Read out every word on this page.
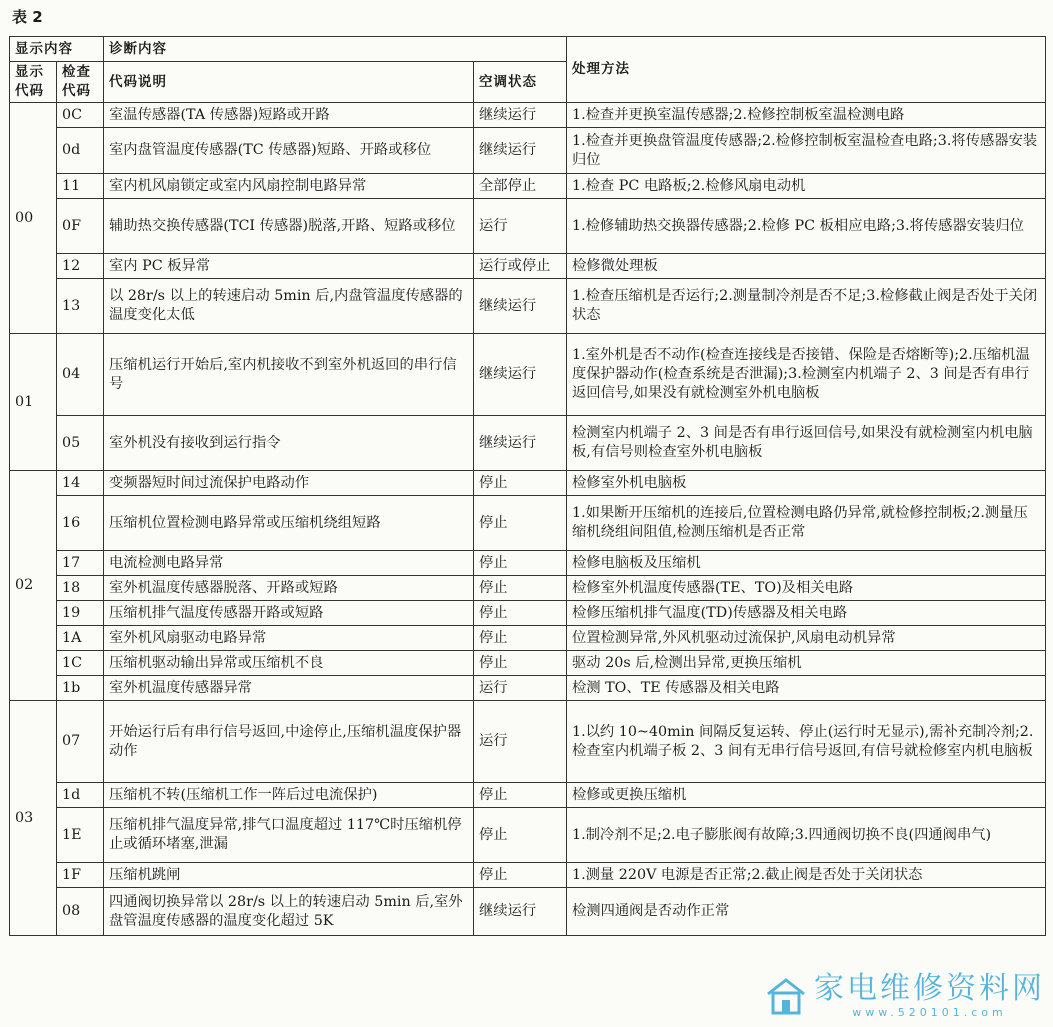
表 2
显示内容		诊断内容		处理方法
显示代码	检查代码	代码说明	空调状态	
00	0C	室温传感器(TA 传感器)短路或开路	继续运行	1.检查并更换室温传感器;2.检修控制板室温检测电路
	0d	室内盘管温度传感器(TC 传感器)短路、开路或移位	继续运行	1.检查并更换盘管温度传感器;2.检修控制板室温检查电路;3.将传感器安装归位
	11	室内机风扇锁定或室内风扇控制电路异常	全部停止	1.检查 PC 电路板;2.检修风扇电动机
	0F	辅助热交换传感器(TCI 传感器)脱落,开路、短路或移位	运行	1.检修辅助热交换器传感器;2.检修 PC 板相应电路;3.将传感器安装归位
	12	室内 PC 板异常	运行或停止	检修微处理板
	13	以 28r/s 以上的转速启动 5min 后,内盘管温度传感器的温度变化太低	继续运行	1.检查压缩机是否运行;2.测量制冷剂是否不足;3.检修截止阀是否处于关闭状态
01	04	压缩机运行开始后,室内机接收不到室外机返回的串行信号	继续运行	1.室外机是否不动作(检查连接线是否接错、保险是否熔断等);2.压缩机温度保护器动作(检查系统是否泄漏);3.检测室内机端子 2、3 间是否有串行返回信号,如果没有就检测室外机电脑板
	05	室外机没有接收到运行指令	继续运行	检测室内机端子 2、3 间是否有串行返回信号,如果没有就检测室内机电脑板,有信号则检查室外机电脑板
02	14	变频器短时间过流保护电路动作	停止	检修室外机电脑板
	16	压缩机位置检测电路异常或压缩机绕组短路	停止	1.如果断开压缩机的连接后,位置检测电路仍异常,就检修控制板;2.测量压缩机绕组间阻值,检测压缩机是否正常
	17	电流检测电路异常	停止	检修电脑板及压缩机
	18	室外机温度传感器脱落、开路或短路	停止	检修室外机温度传感器(TE、TO)及相关电路
	19	压缩机排气温度传感器开路或短路	停止	检修压缩机排气温度(TD)传感器及相关电路
	1A	室外机风扇驱动电路异常	停止	位置检测异常,外风机驱动过流保护,风扇电动机异常
	1C	压缩机驱动输出异常或压缩机不良	停止	驱动 20s 后,检测出异常,更换压缩机
	1b	室外机温度传感器异常	运行	检测 TO、TE 传感器及相关电路
03	07	开始运行后有串行信号返回,中途停止,压缩机温度保护器动作	运行	1.以约 10~40min 间隔反复运转、停止(运行时无显示),需补充制冷剂;2.检查室内机端子板 2、3 间有无串行信号返回,有信号就检修室内机电脑板
	1d	压缩机不转(压缩机工作一阵后过电流保护)	停止	检修或更换压缩机
	1E	压缩机排气温度异常,排气口温度超过 117℃时压缩机停止或循环堵塞,泄漏	停止	1.制冷剂不足;2.电子膨胀阀有故障;3.四通阀切换不良(四通阀串气)
	1F	压缩机跳闸	停止	1.测量 220V 电源是否正常;2.截止阀是否处于关闭状态
	08	四通阀切换异常以 28r/s 以上的转速启动 5min 后,室外盘管温度传感器的温度变化超过 5K	继续运行	检测四通阀是否动作正常
家电维修资料网
www.520101.com
